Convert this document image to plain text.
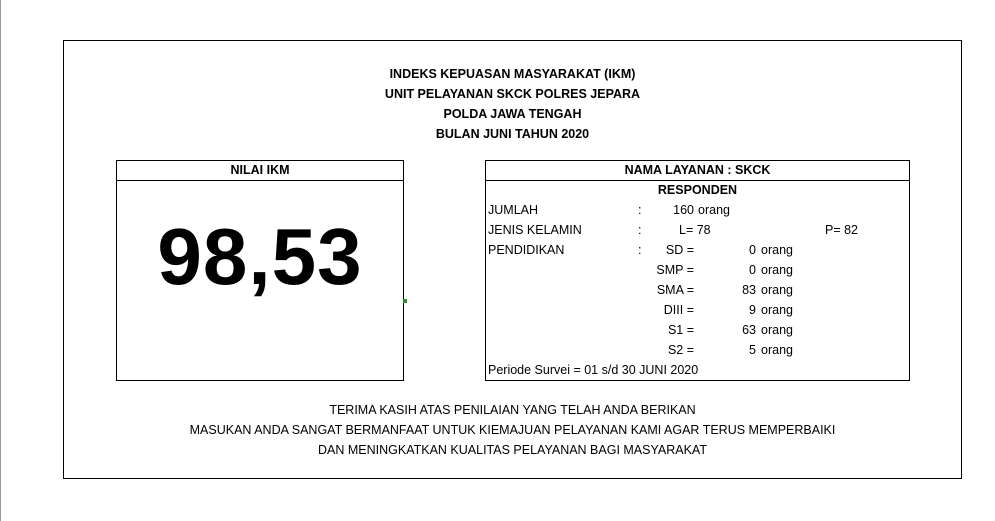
INDEKS KEPUASAN MASYARAKAT (IKM)
UNIT PELAYANAN SKCK POLRES JEPARA
POLDA JAWA TENGAH
BULAN JUNI TAHUN 2020
NILAI IKM
98,53
NAMA LAYANAN : SKCK
RESPONDEN
JUMLAH	:	160 orang
JENIS KELAMIN	:	L= 78	P= 82
PENDIDIKAN	:	SD =	0 orang
SMP =	0 orang
SMA =	83 orang
DIII =	9 orang
S1 =	63 orang
S2 =	5 orang
Periode Survei = 01 s/d 30 JUNI 2020
TERIMA KASIH ATAS PENILAIAN YANG TELAH ANDA BERIKAN
MASUKAN ANDA SANGAT BERMANFAAT UNTUK KIEMAJUAN PELAYANAN KAMI AGAR TERUS MEMPERBAIKI
DAN MENINGKATKAN KUALITAS PELAYANAN BAGI MASYARAKAT
